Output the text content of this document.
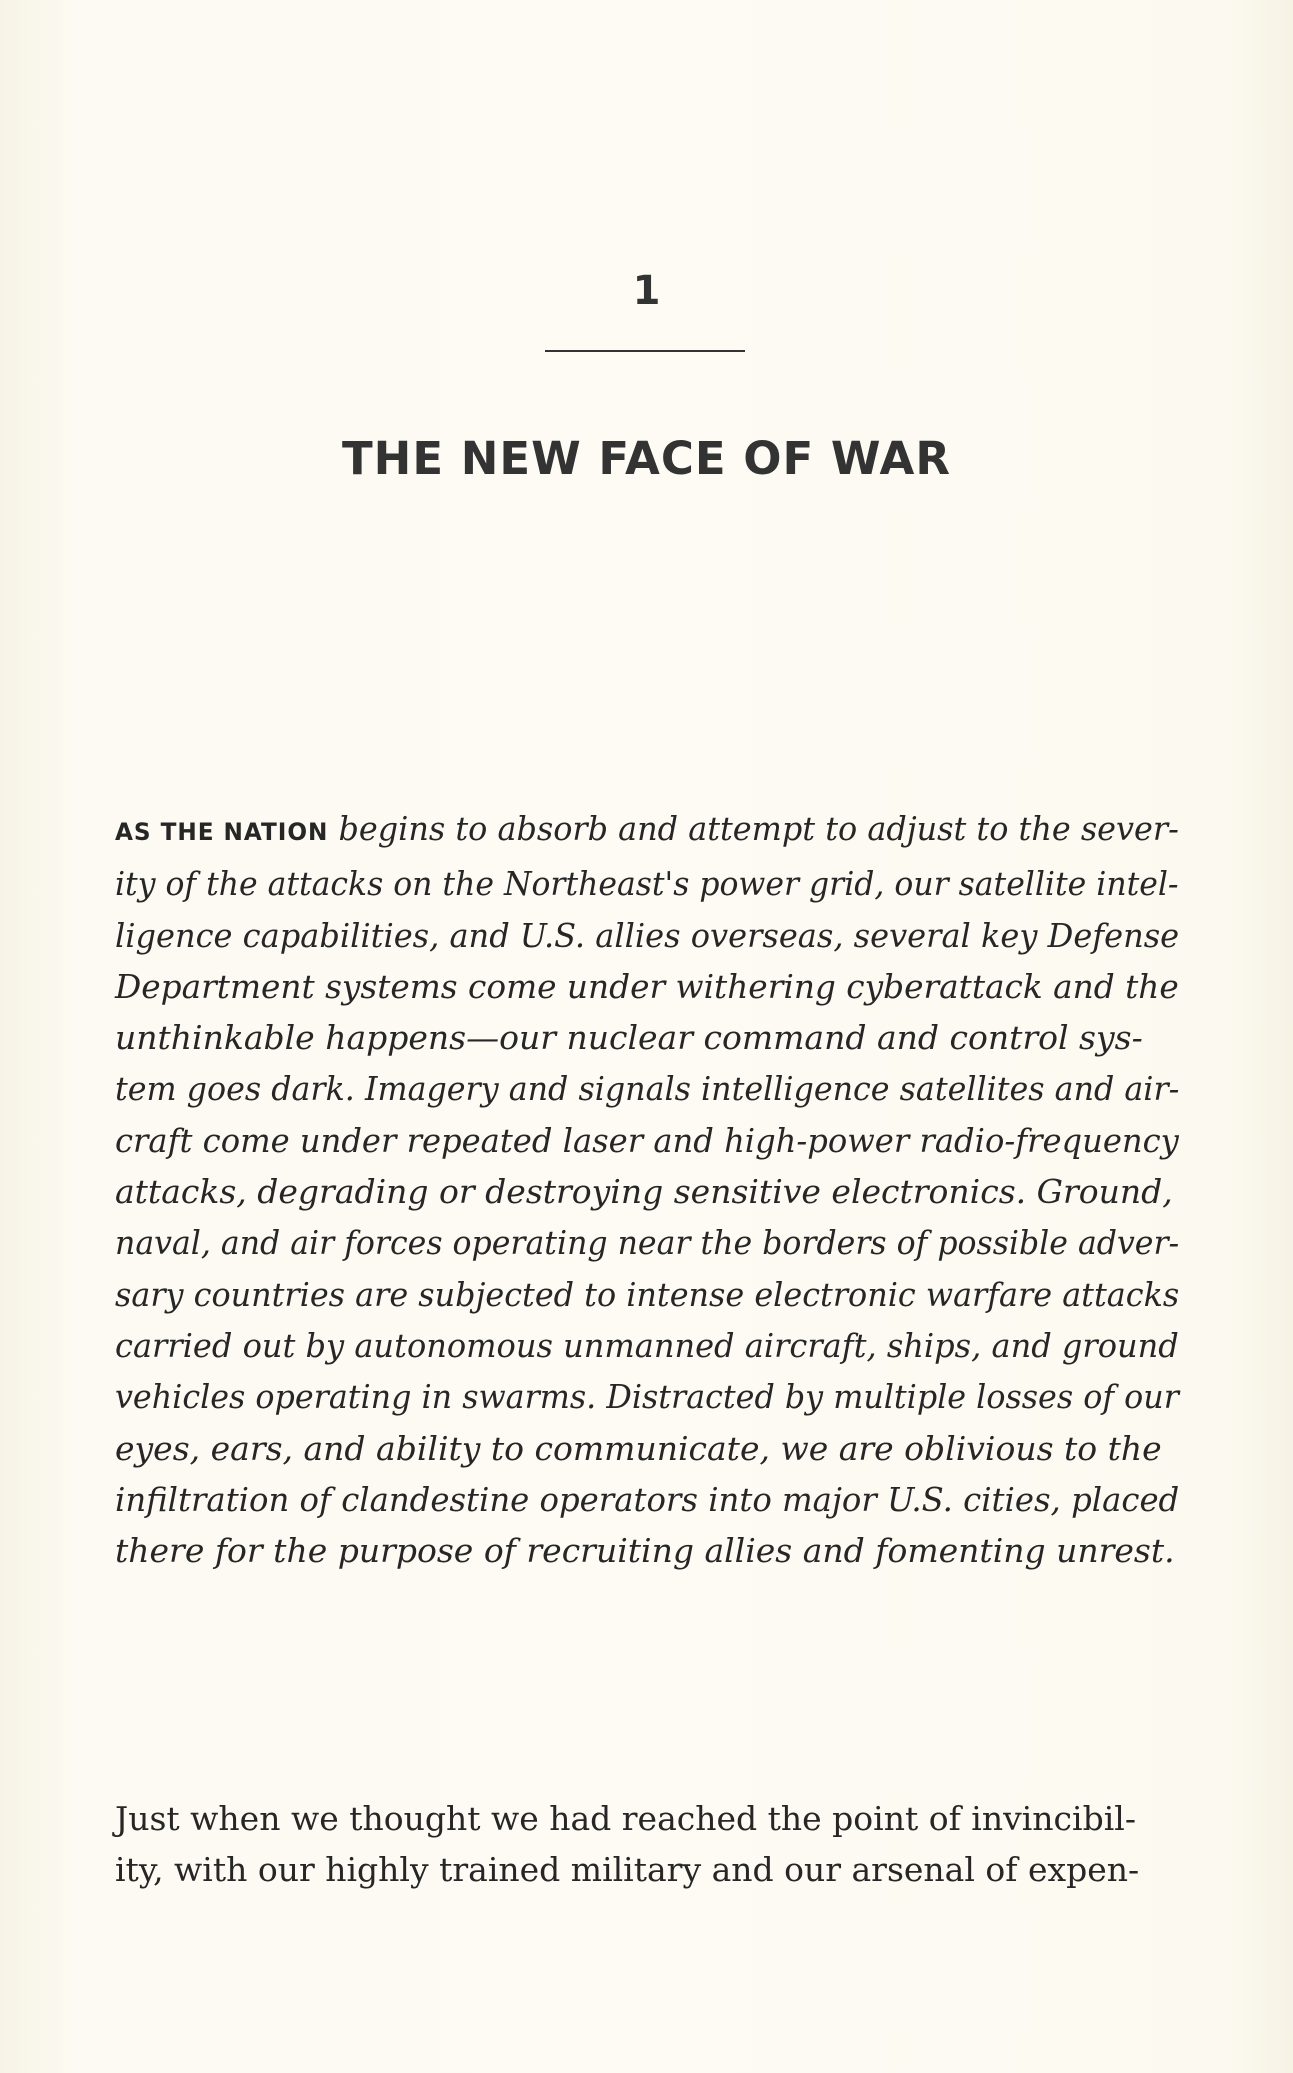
1
THE NEW FACE OF WAR
AS THE NATION begins to absorb and attempt to adjust to the sever-
ity of the attacks on the Northeast's power grid, our satellite intel-
ligence capabilities, and U.S. allies overseas, several key Defense
Department systems come under withering cyberattack and the
unthinkable happens—our nuclear command and control sys-
tem goes dark. Imagery and signals intelligence satellites and air-
craft come under repeated laser and high-power radio-frequency
attacks, degrading or destroying sensitive electronics. Ground,
naval, and air forces operating near the borders of possible adver-
sary countries are subjected to intense electronic warfare attacks
carried out by autonomous unmanned aircraft, ships, and ground
vehicles operating in swarms. Distracted by multiple losses of our
eyes, ears, and ability to communicate, we are oblivious to the
infiltration of clandestine operators into major U.S. cities, placed
there for the purpose of recruiting allies and fomenting unrest.
Just when we thought we had reached the point of invincibil-
ity, with our highly trained military and our arsenal of expen-
